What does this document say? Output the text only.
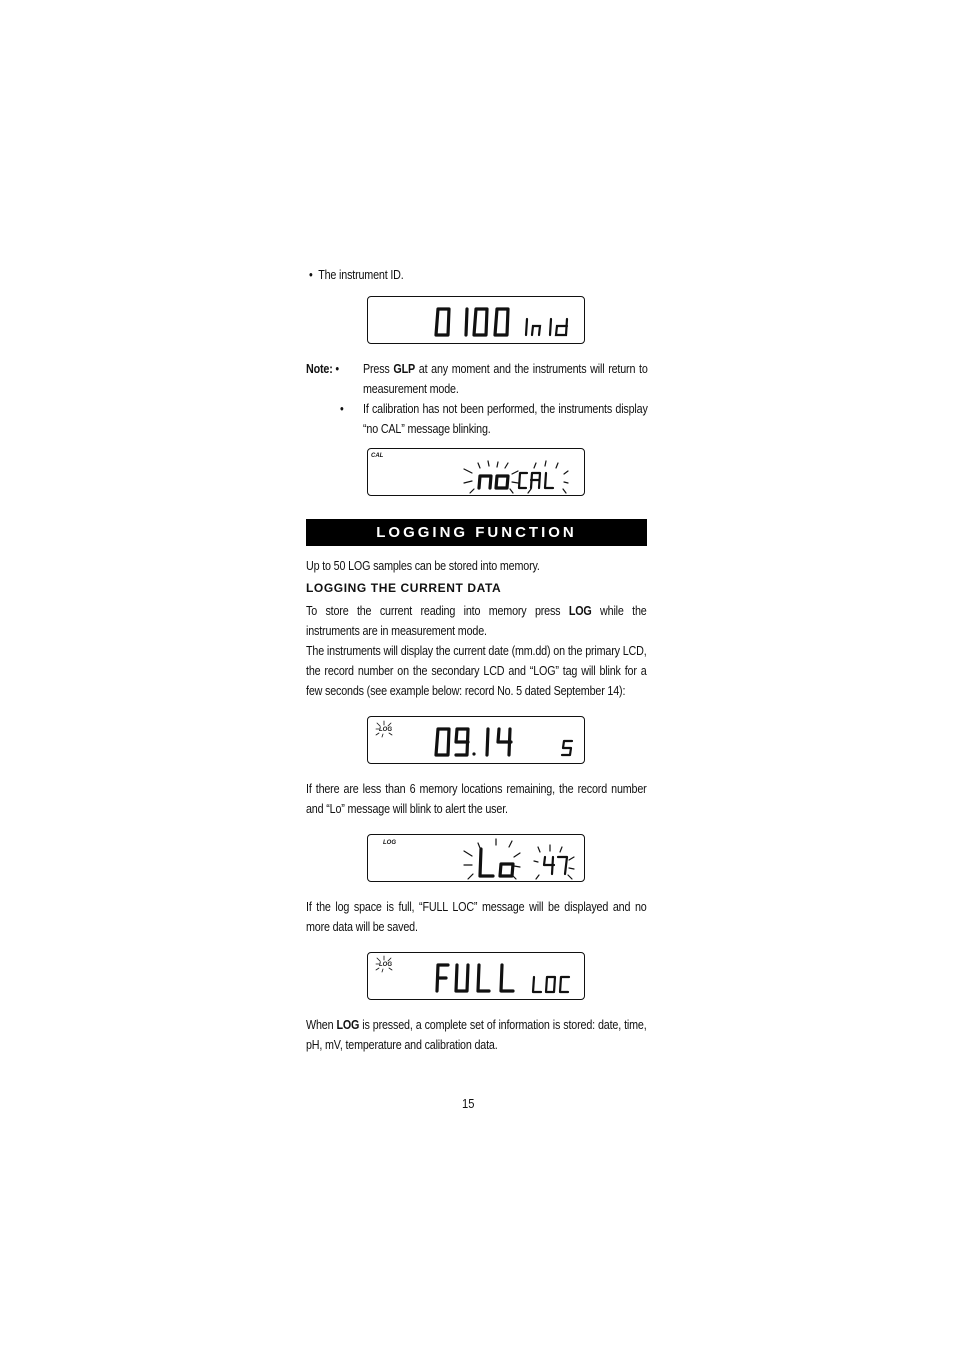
•  The instrument ID.
Note: • Press GLP at any moment and the instruments will return to measurement mode.
• If calibration has not been performed, the instruments display “no CAL” message blinking.
CAL
LOGGING FUNCTION
Up to 50 LOG samples can be stored into memory.
LOGGING THE CURRENT DATA
To store the current reading into memory press LOG while the instruments are in measurement mode.
The instruments will display the current date (mm.dd) on the primary LCD, the record number on the secondary LCD and “LOG” tag will blink for a few seconds (see example below: record No. 5 dated September 14):
LOG
If there are less than 6 memory locations remaining, the record number and “Lo” message will blink to alert the user.
LOG
If the log space is full, “FULL LOC” message will be displayed and no more data will be saved.
LOG
When LOG is pressed, a complete set of information is stored: date, time, pH, mV, temperature and calibration data.
15
